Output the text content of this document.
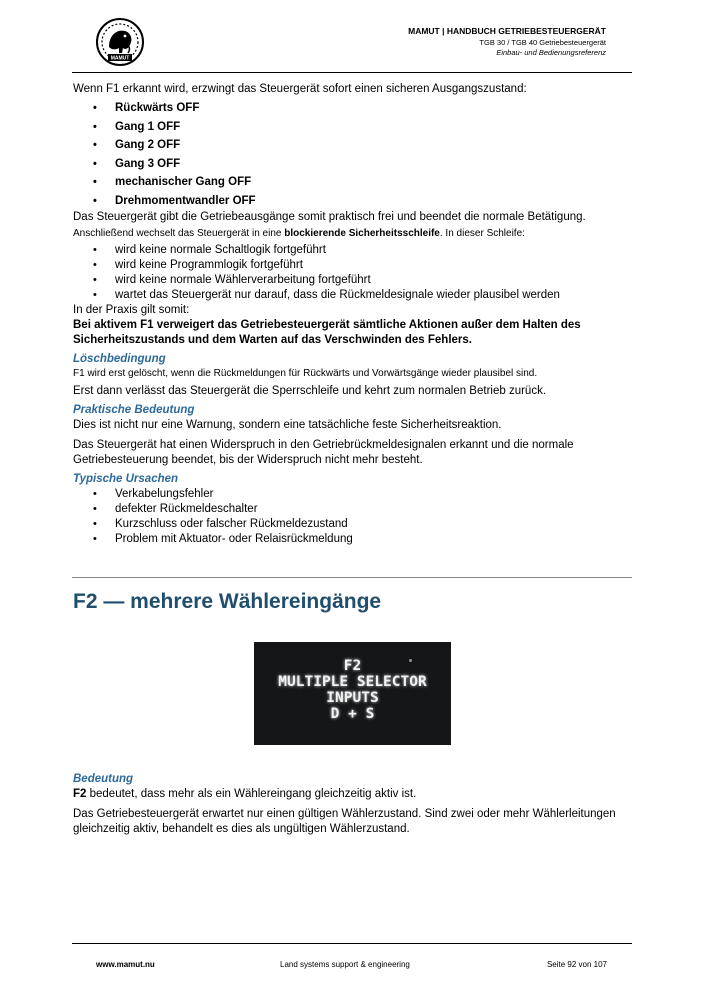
MAMUT
MAMUT | HANDBUCH GETRIEBESTEUERGERÄT
TGB 30 / TGB 40 Getriebesteuergerät
Einbau- und Bedienungsreferenz

Wenn F1 erkannt wird, erzwingt das Steuergerät sofort einen sicheren Ausgangszustand:

• Rückwärts OFF
• Gang 1 OFF
• Gang 2 OFF
• Gang 3 OFF
• mechanischer Gang OFF
• Drehmomentwandler OFF

Das Steuergerät gibt die Getriebeausgänge somit praktisch frei und beendet die normale Betätigung.

Anschließend wechselt das Steuergerät in eine blockierende Sicherheitsschleife. In dieser Schleife:

• wird keine normale Schaltlogik fortgeführt
• wird keine Programmlogik fortgeführt
• wird keine normale Wählerverarbeitung fortgeführt
• wartet das Steuergerät nur darauf, dass die Rückmeldesignale wieder plausibel werden

In der Praxis gilt somit:

Bei aktivem F1 verweigert das Getriebesteuergerät sämtliche Aktionen außer dem Halten des Sicherheitszustands und dem Warten auf das Verschwinden des Fehlers.

Löschbedingung

F1 wird erst gelöscht, wenn die Rückmeldungen für Rückwärts und Vorwärtsgänge wieder plausibel sind.

Erst dann verlässt das Steuergerät die Sperrschleife und kehrt zum normalen Betrieb zurück.

Praktische Bedeutung

Dies ist nicht nur eine Warnung, sondern eine tatsächliche feste Sicherheitsreaktion.

Das Steuergerät hat einen Widerspruch in den Getriebrückmeldesignalen erkannt und die normale Getriebesteuerung beendet, bis der Widerspruch nicht mehr besteht.

Typische Ursachen
• Verkabelungsfehler
• defekter Rückmeldeschalter
• Kurzschluss oder falscher Rückmeldezustand
• Problem mit Aktuator- oder Relaisrückmeldung
F2 — mehrere Wählereingänge
F2
MULTIPLE SELECTOR
INPUTS
D + S
Bedeutung

F2 bedeutet, dass mehr als ein Wählereingang gleichzeitig aktiv ist.

Das Getriebesteuergerät erwartet nur einen gültigen Wählerzustand. Sind zwei oder mehr Wählerleitungen gleichzeitig aktiv, behandelt es dies als ungültigen Wählerzustand.

www.mamut.nu	Land systems support & engineering	Seite 92 von 107
